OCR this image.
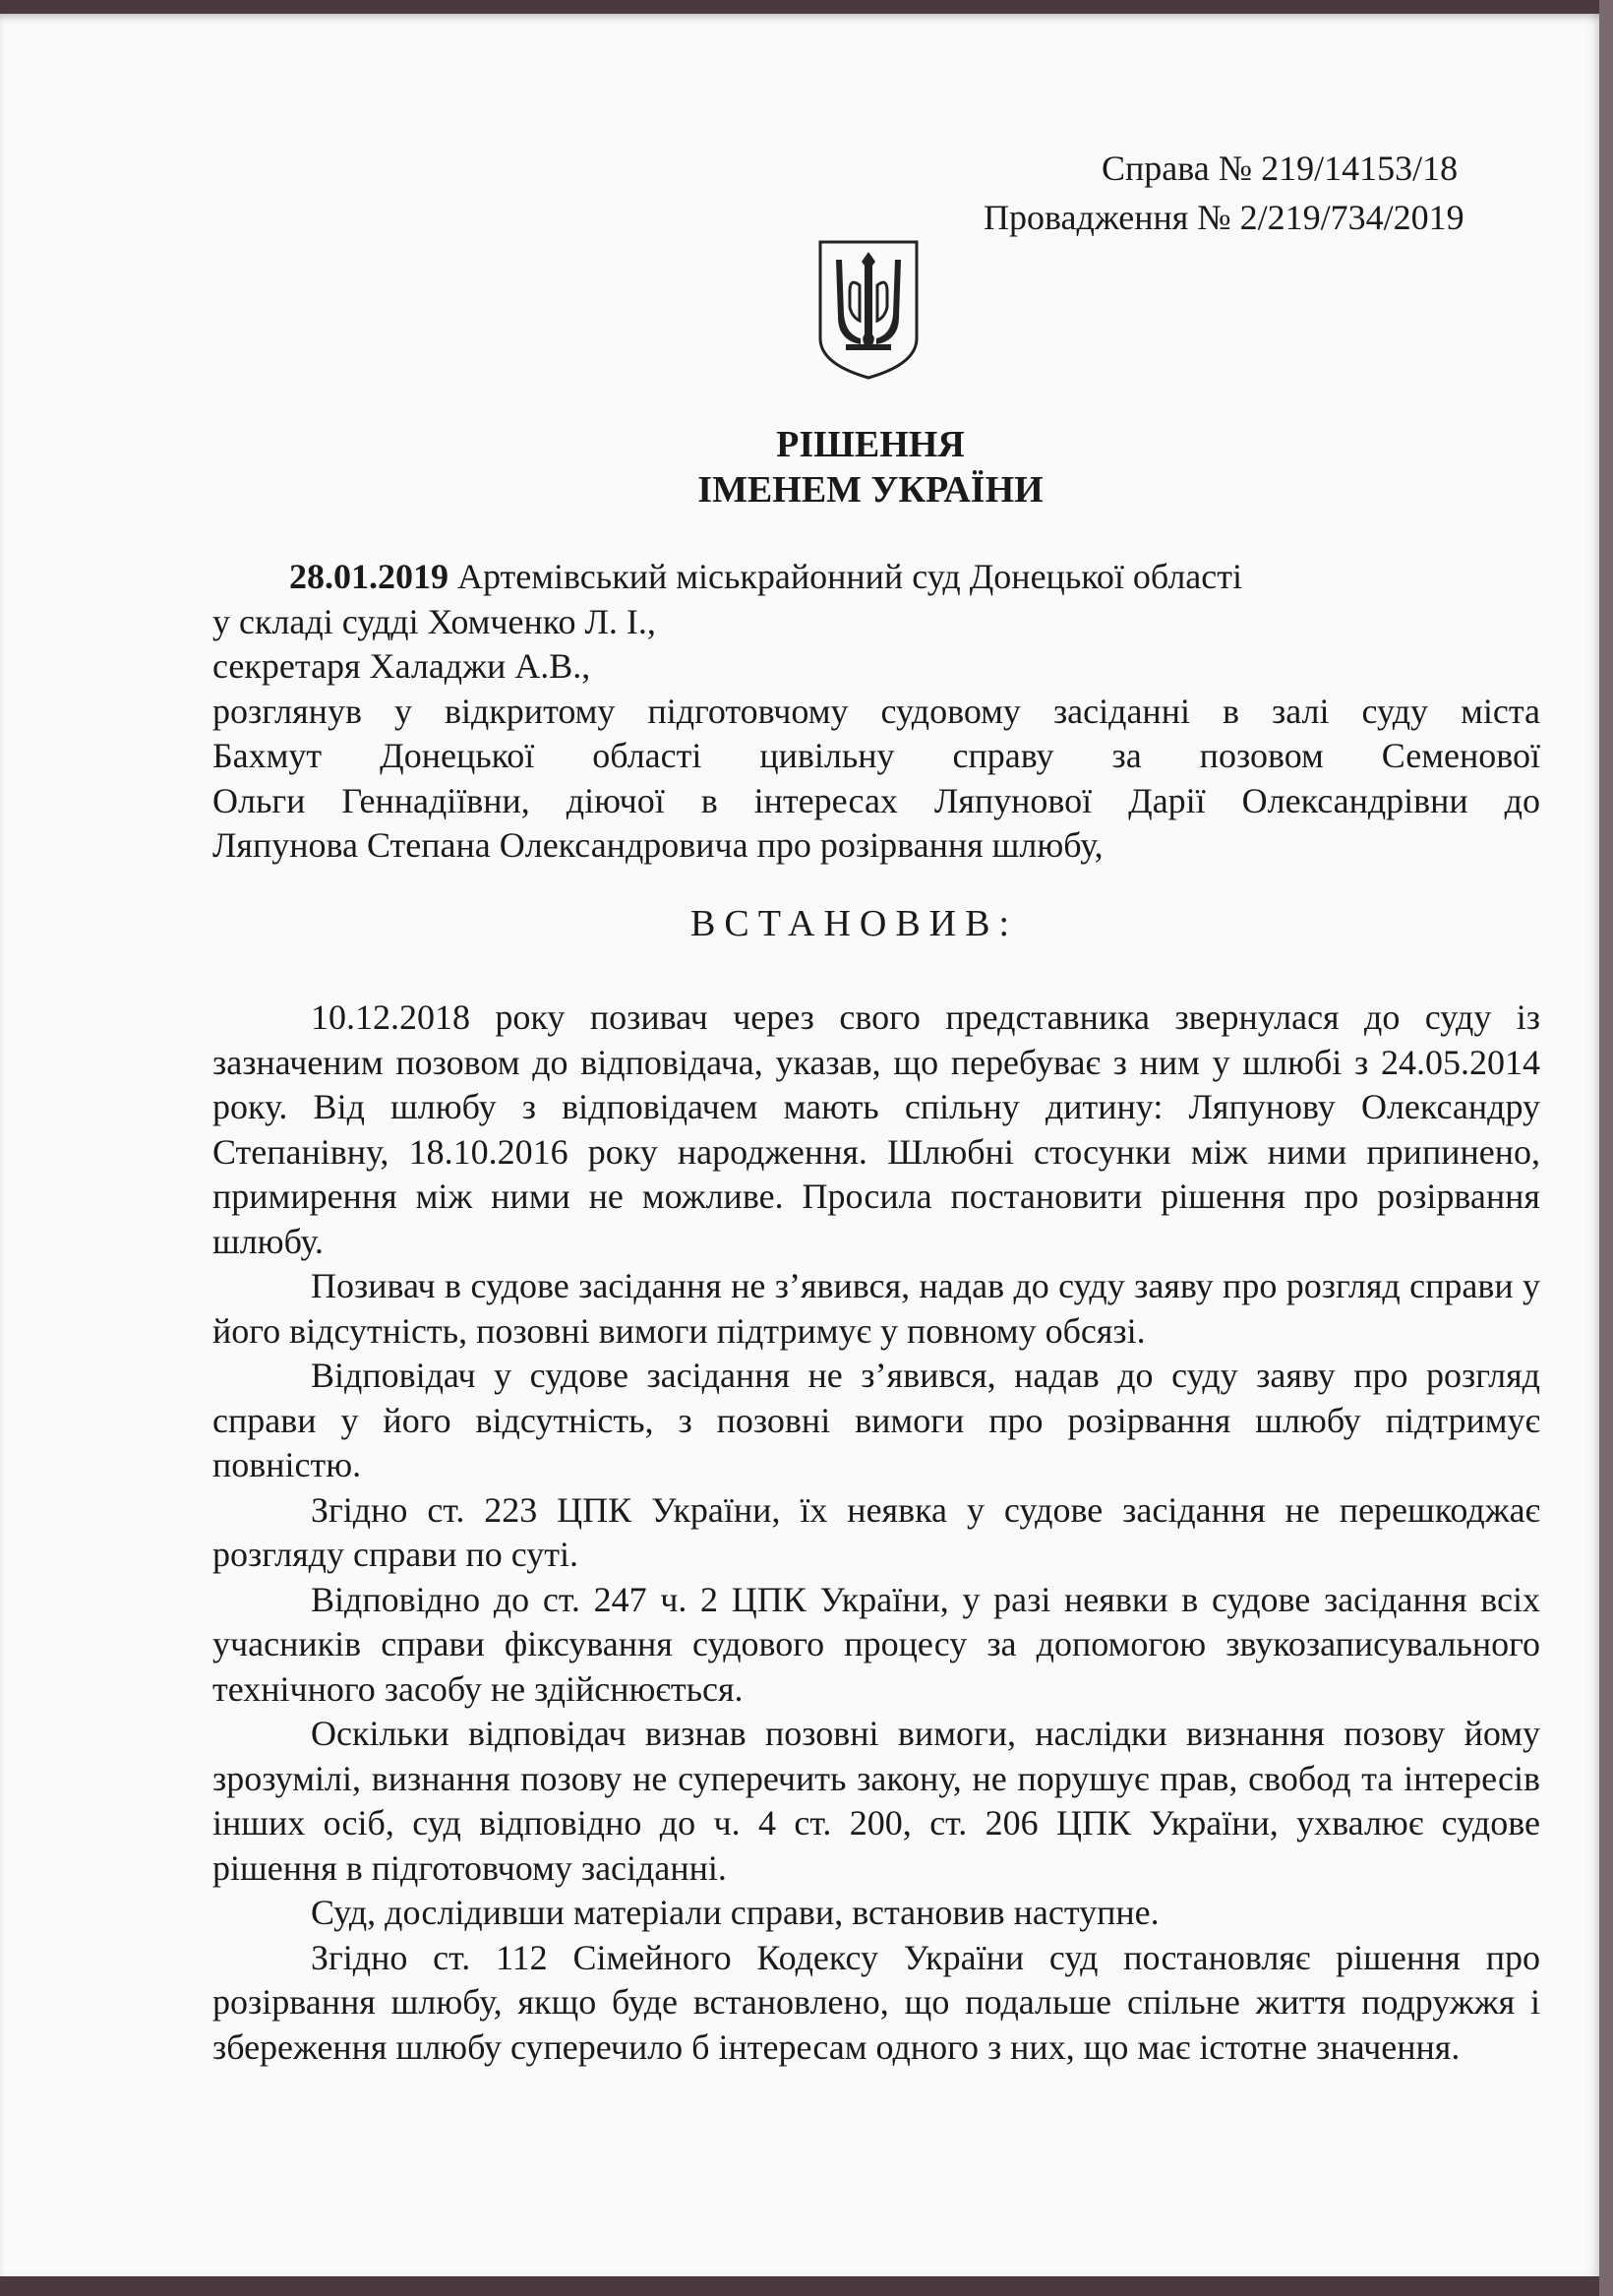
Справа № 219/14153/18
Провадження № 2/219/734/2019
РІШЕННЯ
ІМЕНЕМ УКРАЇНИ
28.01.2019 Артемівський міськрайонний суд Донецької області
у складі судді Хомченко Л. І.,
секретаря Халаджи А.В.,
розглянув у відкритому підготовчому судовому засіданні в залі суду міста
Бахмут Донецької області цивільну справу за позовом Семенової
Ольги Геннадіївни, діючої в інтересах Ляпунової Дарії Олександрівни до
Ляпунова Степана Олександровича про розірвання шлюбу,
ВСТАНОВИВ:

10.12.2018 року позивач через свого представника звернулася до суду із зазначеним позовом до відповідача, указав, що перебуває з ним у шлюбі з 24.05.2014 року. Від шлюбу з відповідачем мають спільну дитину: Ляпунову Олександру Степанівну, 18.10.2016 року народження. Шлюбні стосунки між ними припинено, примирення між ними не можливе. Просила постановити рішення про розірвання шлюбу.

Позивач в судове засідання не з’явився, надав до суду заяву про розгляд справи у його відсутність, позовні вимоги підтримує у повному обсязі.

Відповідач у судове засідання не з’явився, надав до суду заяву про розгляд справи у його відсутність, з позовні вимоги про розірвання шлюбу підтримує повністю.

Згідно ст. 223 ЦПК України, їх неявка у судове засідання не перешкоджає розгляду справи по суті.

Відповідно до ст. 247 ч. 2 ЦПК України, у разі неявки в судове засідання всіх учасників справи фіксування судового процесу за допомогою звукозаписувального технічного засобу не здійснюється.

Оскільки відповідач визнав позовні вимоги, наслідки визнання позову йому зрозумілі, визнання позову не суперечить закону, не порушує прав, свобод та інтересів інших осіб, суд відповідно до ч. 4 ст. 200, ст. 206 ЦПК України, ухвалює судове рішення в підготовчому засіданні.

Суд, дослідивши матеріали справи, встановив наступне.

Згідно ст. 112 Сімейного Кодексу України суд постановляє рішення про розірвання шлюбу, якщо буде встановлено, що подальше спільне життя подружжя і збереження шлюбу суперечило б інтересам одного з них, що має істотне значення.
